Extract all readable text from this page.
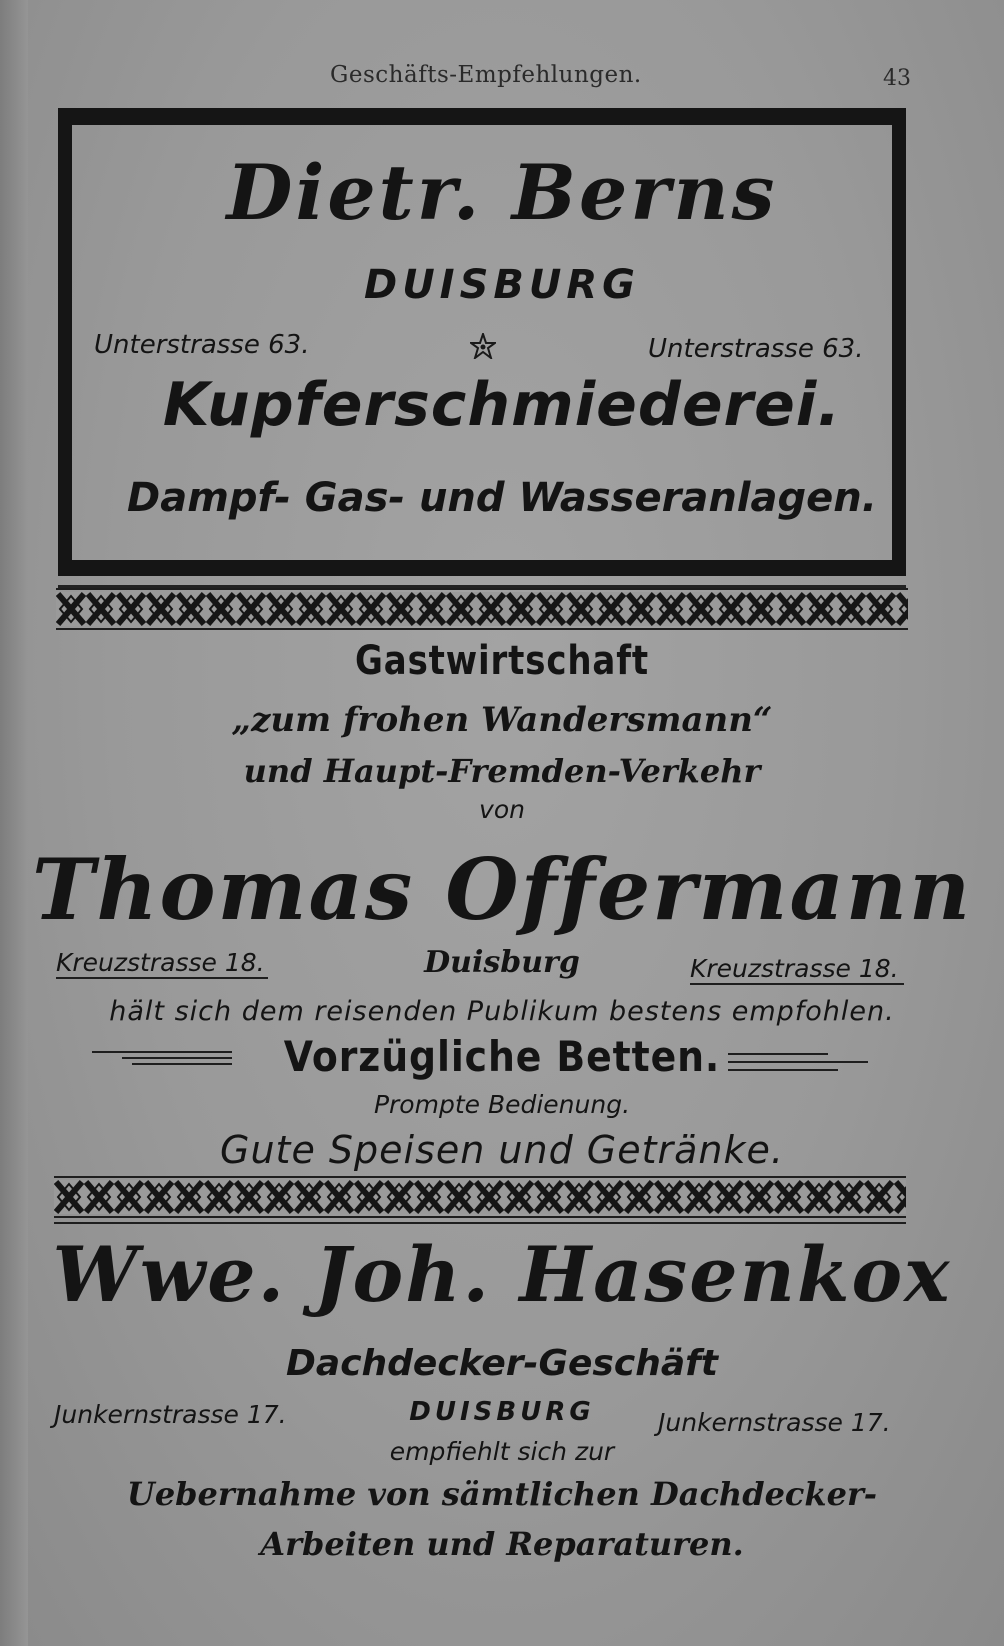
Geschäfts-Empfehlungen.	43
Dietr. Berns
DUISBURG
Unterstrasse 63.	Unterstrasse 63.
Kupferschmiederei.
Dampf- Gas- und Wasseranlagen.
Gastwirtschaft
„zum frohen Wandersmann“
und Haupt-Fremden-Verkehr
von
Thomas Offermann
Kreuzstrasse 18.	Duisburg	Kreuzstrasse 18.
hält sich dem reisenden Publikum bestens empfohlen.
Vorzügliche Betten.
Prompte Bedienung.
Gute Speisen und Getränke.
Wwe. Joh. Hasenkox
Dachdecker-Geschäft
Junkernstrasse 17.	DUISBURG	Junkernstrasse 17.
empfiehlt sich zur
Uebernahme von sämtlichen Dachdecker-
Arbeiten und Reparaturen.
